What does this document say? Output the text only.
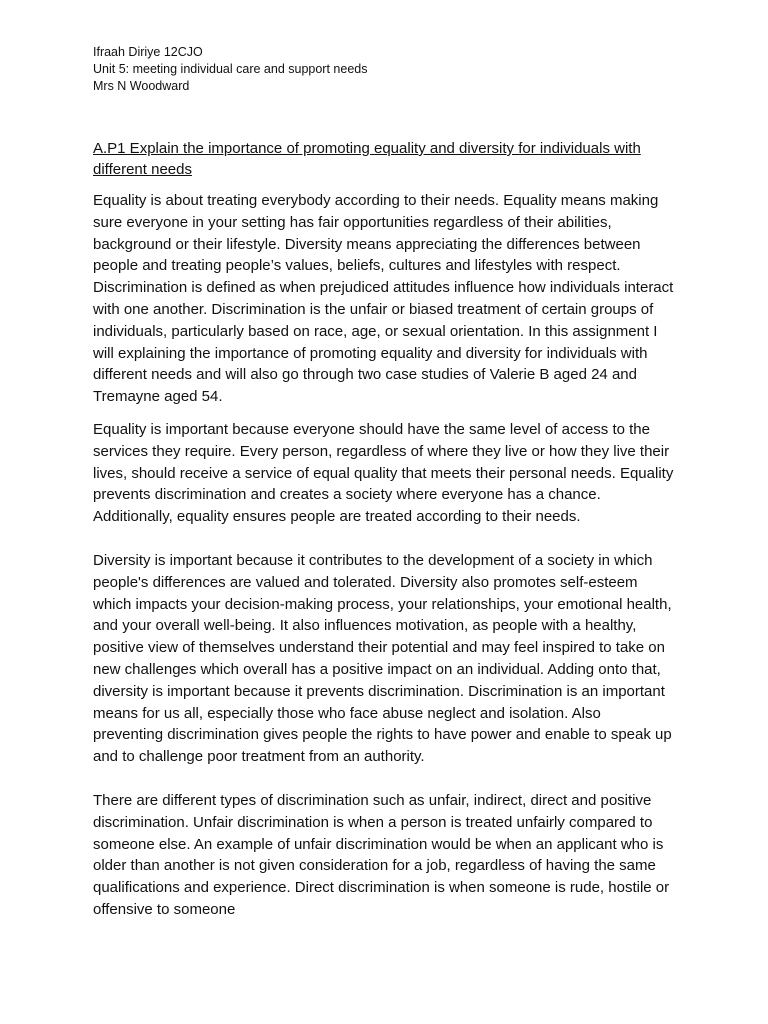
Ifraah Diriye 12CJO
Unit 5: meeting individual care and support needs
Mrs N Woodward
A.P1 Explain the importance of promoting equality and diversity for individuals with different needs

Equality is about treating everybody according to their needs. Equality means making sure everyone in your setting has fair opportunities regardless of their abilities, background or their lifestyle. Diversity means appreciating the differences between people and treating people’s values, beliefs, cultures and lifestyles with respect. Discrimination is defined as when prejudiced attitudes influence how individuals interact with one another. Discrimination is the unfair or biased treatment of certain groups of individuals, particularly based on race, age, or sexual orientation. In this assignment I will explaining the importance of promoting equality and diversity for individuals with different needs and will also go through two case studies of Valerie B aged 24 and Tremayne aged 54.

Equality is important because everyone should have the same level of access to the services they require. Every person, regardless of where they live or how they live their lives, should receive a service of equal quality that meets their personal needs. Equality prevents discrimination and creates a society where everyone has a chance. Additionally, equality ensures people are treated according to their needs.

Diversity is important because it contributes to the development of a society in which people's differences are valued and tolerated. Diversity also promotes self-esteem which impacts your decision-making process, your relationships, your emotional health, and your overall well-being. It also influences motivation, as people with a healthy, positive view of themselves understand their potential and may feel inspired to take on new challenges which overall has a positive impact on an individual. Adding onto that, diversity is important because it prevents discrimination. Discrimination is an important means for us all, especially those who face abuse neglect and isolation. Also preventing discrimination gives people the rights to have power and enable to speak up and to challenge poor treatment from an authority.

There are different types of discrimination such as unfair, indirect, direct and positive discrimination. Unfair discrimination is when a person is treated unfairly compared to someone else. An example of unfair discrimination would be when an applicant who is older than another is not given consideration for a job, regardless of having the same qualifications and experience. Direct discrimination is when someone is rude, hostile or offensive to someone
